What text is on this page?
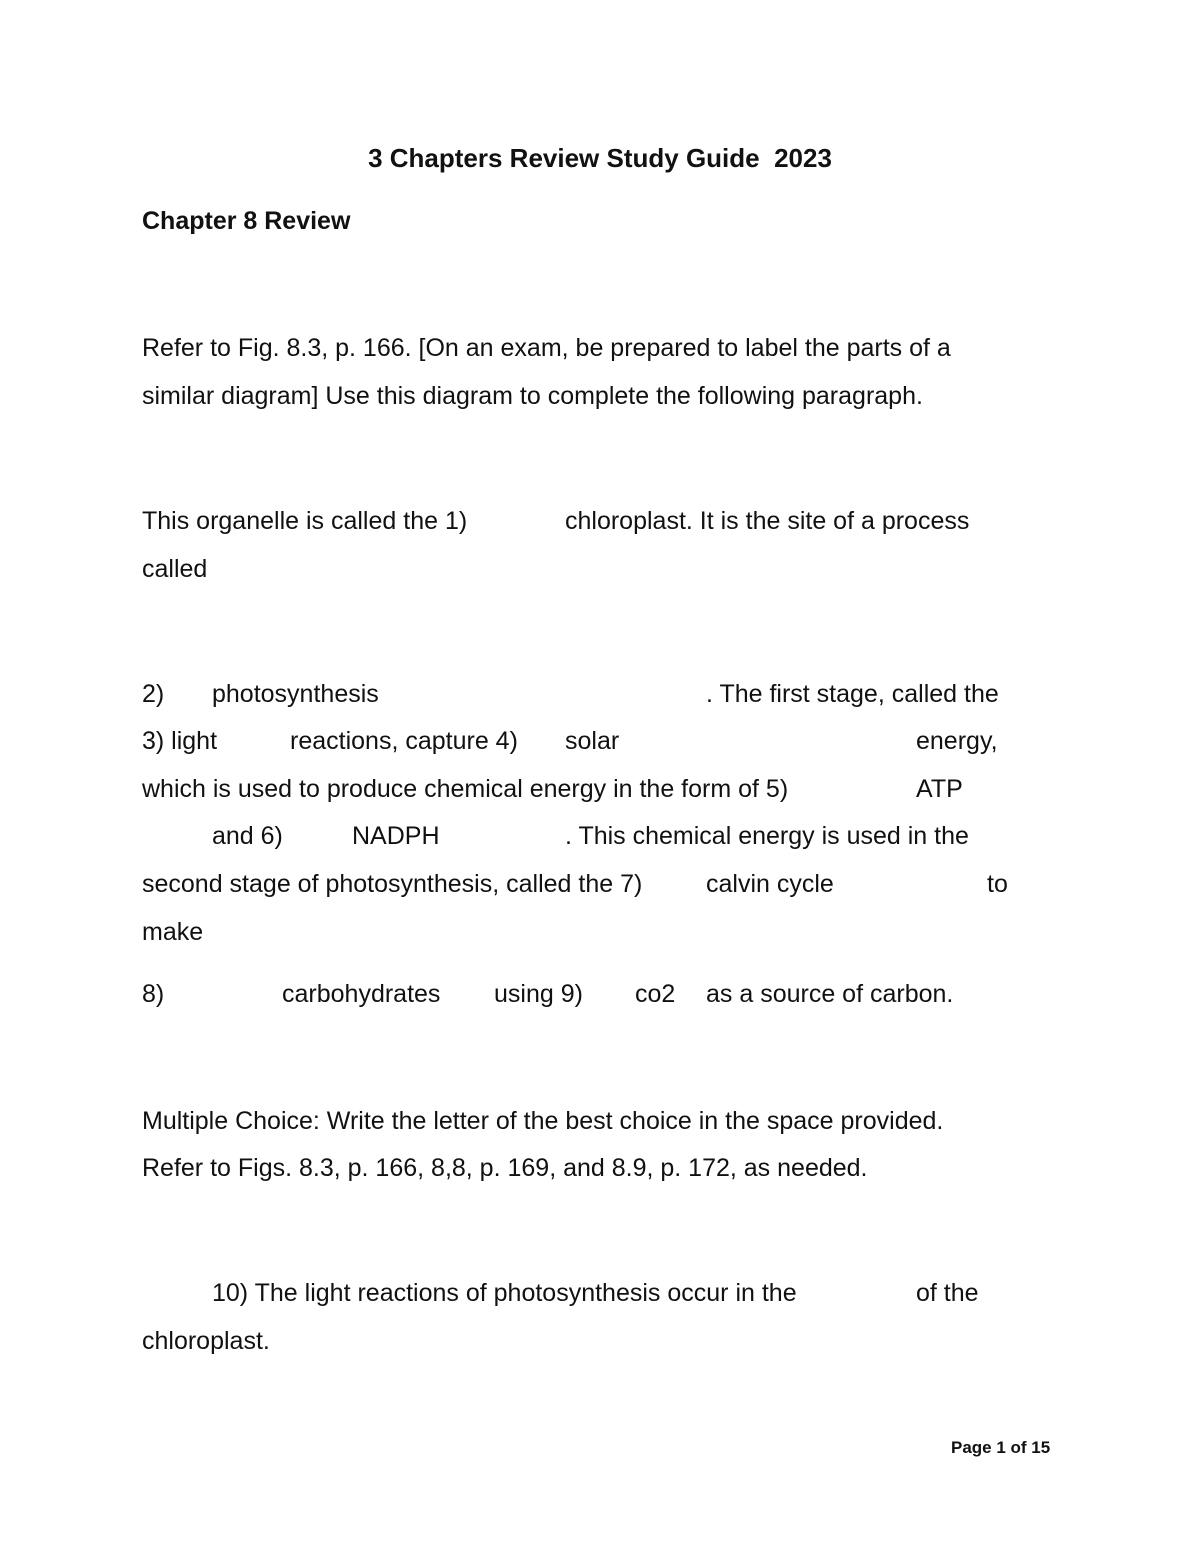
3 Chapters Review Study Guide  2023
Chapter 8 Review
Refer to Fig. 8.3, p. 166. [On an exam, be prepared to label the parts of a
similar diagram] Use this diagram to complete the following paragraph.
This organelle is called the 1)	chloroplast. It is the site of a process
called
2) photosynthesis	. The first stage, called the
3) light	reactions, capture 4) solar	energy,
which is used to produce chemical energy in the form of 5)	ATP
and 6)	NADPH	. This chemical energy is used in the
second stage of photosynthesis, called the 7)	calvin cycle	to
make
8)	carbohydrates using 9) co2 as a source of carbon.
Multiple Choice: Write the letter of the best choice in the space provided.
Refer to Figs. 8.3, p. 166, 8,8, p. 169, and 8.9, p. 172, as needed.
10) The light reactions of photosynthesis occur in the	of the
chloroplast.
Page 1 of 15
